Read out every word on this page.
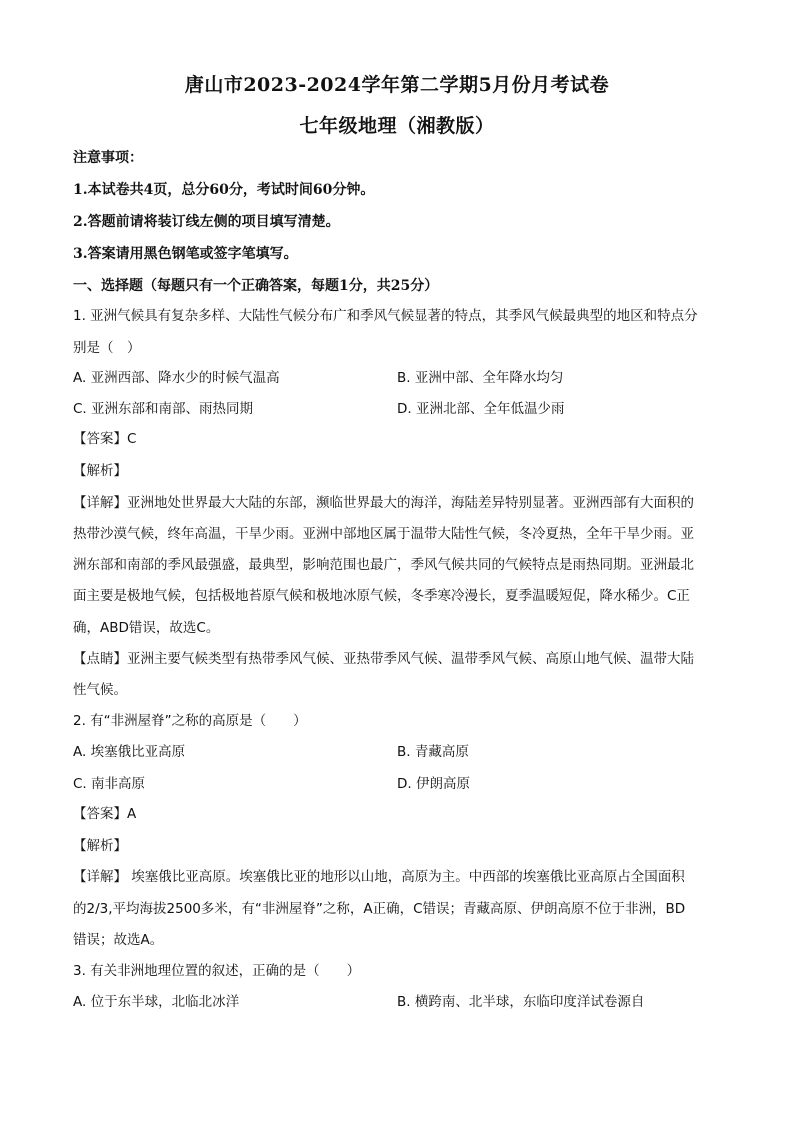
唐山市2023-2024学年第二学期5月份月考试卷
七年级地理（湘教版）
注意事项：
1.本试卷共4页，总分60分，考试时间60分钟。
2.答题前请将装订线左侧的项目填写清楚。
3.答案请用黑色钢笔或签字笔填写。
一、选择题（每题只有一个正确答案，每题1分，共25分）
1. 亚洲气候具有复杂多样、大陆性气候分布广和季风气候显著的特点，其季风气候最典型的地区和特点分
别是（　）
A. 亚洲西部、降水少的时候气温高	B. 亚洲中部、全年降水均匀
C. 亚洲东部和南部、雨热同期	D. 亚洲北部、全年低温少雨
【答案】C
【解析】
【详解】亚洲地处世界最大大陆的东部，濒临世界最大的海洋，海陆差异特别显著。亚洲西部有大面积的
热带沙漠气候，终年高温，干旱少雨。亚洲中部地区属于温带大陆性气候，冬冷夏热，全年干旱少雨。亚
洲东部和南部的季风最强盛，最典型，影响范围也最广，季风气候共同的气候特点是雨热同期。亚洲最北
面主要是极地气候，包括极地苔原气候和极地冰原气候，冬季寒冷漫长，夏季温暖短促，降水稀少。C正
确，ABD错误，故选C。
【点睛】亚洲主要气候类型有热带季风气候、亚热带季风气候、温带季风气候、高原山地气候、温带大陆
性气候。
2. 有“非洲屋脊”之称的高原是（　　）
A. 埃塞俄比亚高原	B. 青藏高原
C. 南非高原	D. 伊朗高原
【答案】A
【解析】
【详解】 埃塞俄比亚高原。埃塞俄比亚的地形以山地，高原为主。中西部的埃塞俄比亚高原占全国面积
的2/3,平均海拔2500多米，有“非洲屋脊”之称，A正确，C错误；青藏高原、伊朗高原不位于非洲，BD
错误；故选A。
3. 有关非洲地理位置的叙述，正确的是（　　）
A. 位于东半球，北临北冰洋	B. 横跨南、北半球，东临印度洋试卷源自
